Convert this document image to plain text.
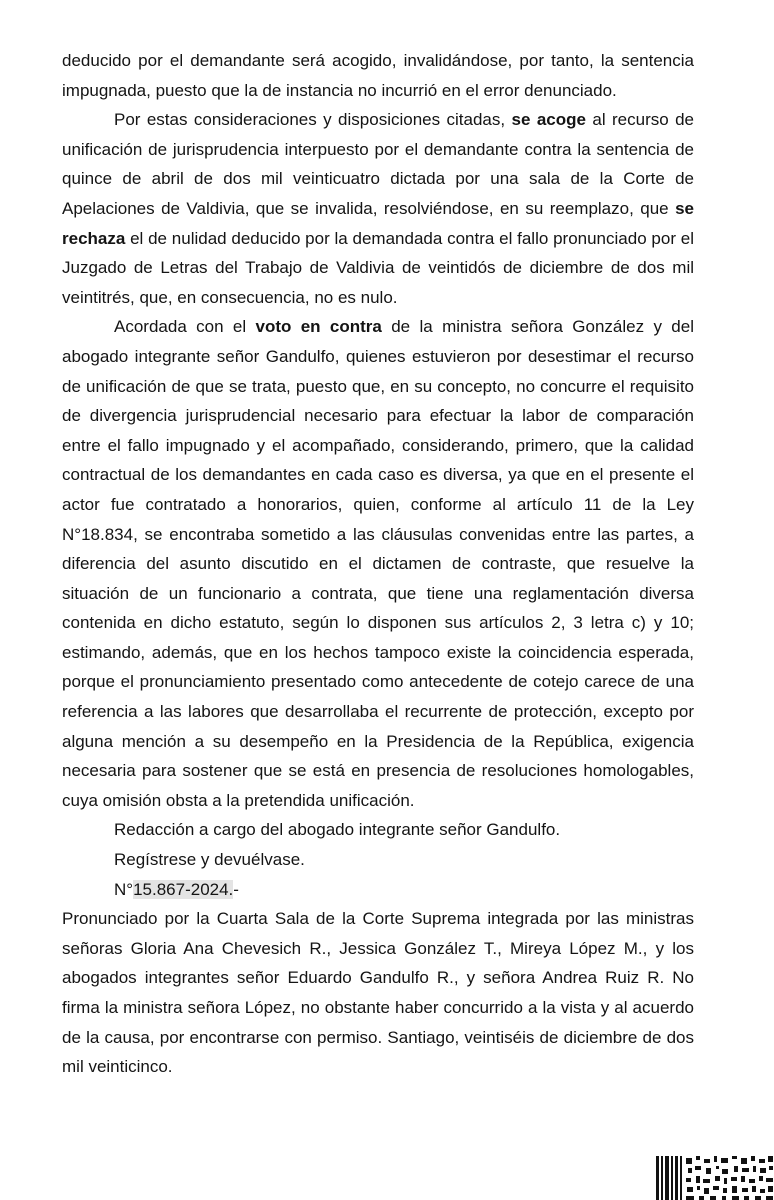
deducido por el demandante será acogido, invalidándose, por tanto, la sentencia impugnada, puesto que la de instancia no incurrió en el error denunciado.

Por estas consideraciones y disposiciones citadas, se acoge al recurso de unificación de jurisprudencia interpuesto por el demandante contra la sentencia de quince de abril de dos mil veinticuatro dictada por una sala de la Corte de Apelaciones de Valdivia, que se invalida, resolviéndose, en su reemplazo, que se rechaza el de nulidad deducido por la demandada contra el fallo pronunciado por el Juzgado de Letras del Trabajo de Valdivia de veintidós de diciembre de dos mil veintitrés, que, en consecuencia, no es nulo.

Acordada con el voto en contra de la ministra señora González y del abogado integrante señor Gandulfo, quienes estuvieron por desestimar el recurso de unificación de que se trata, puesto que, en su concepto, no concurre el requisito de divergencia jurisprudencial necesario para efectuar la labor de comparación entre el fallo impugnado y el acompañado, considerando, primero, que la calidad contractual de los demandantes en cada caso es diversa, ya que en el presente el actor fue contratado a honorarios, quien, conforme al artículo 11 de la Ley N°18.834, se encontraba sometido a las cláusulas convenidas entre las partes, a diferencia del asunto discutido en el dictamen de contraste, que resuelve la situación de un funcionario a contrata, que tiene una reglamentación diversa contenida en dicho estatuto, según lo disponen sus artículos 2, 3 letra c) y 10; estimando, además, que en los hechos tampoco existe la coincidencia esperada, porque el pronunciamiento presentado como antecedente de cotejo carece de una referencia a las labores que desarrollaba el recurrente de protección, excepto por alguna mención a su desempeño en la Presidencia de la República, exigencia necesaria para sostener que se está en presencia de resoluciones homologables, cuya omisión obsta a la pretendida unificación.

Redacción a cargo del abogado integrante señor Gandulfo.

Regístrese y devuélvase.

N°15.867-2024.-

Pronunciado por la Cuarta Sala de la Corte Suprema integrada por las ministras señoras Gloria Ana Chevesich R., Jessica González T., Mireya López M., y los abogados integrantes señor Eduardo Gandulfo R., y señora Andrea Ruiz R. No firma la ministra señora López, no obstante haber concurrido a la vista y al acuerdo de la causa, por encontrarse con permiso. Santiago, veintiséis de diciembre de dos mil veinticinco.
